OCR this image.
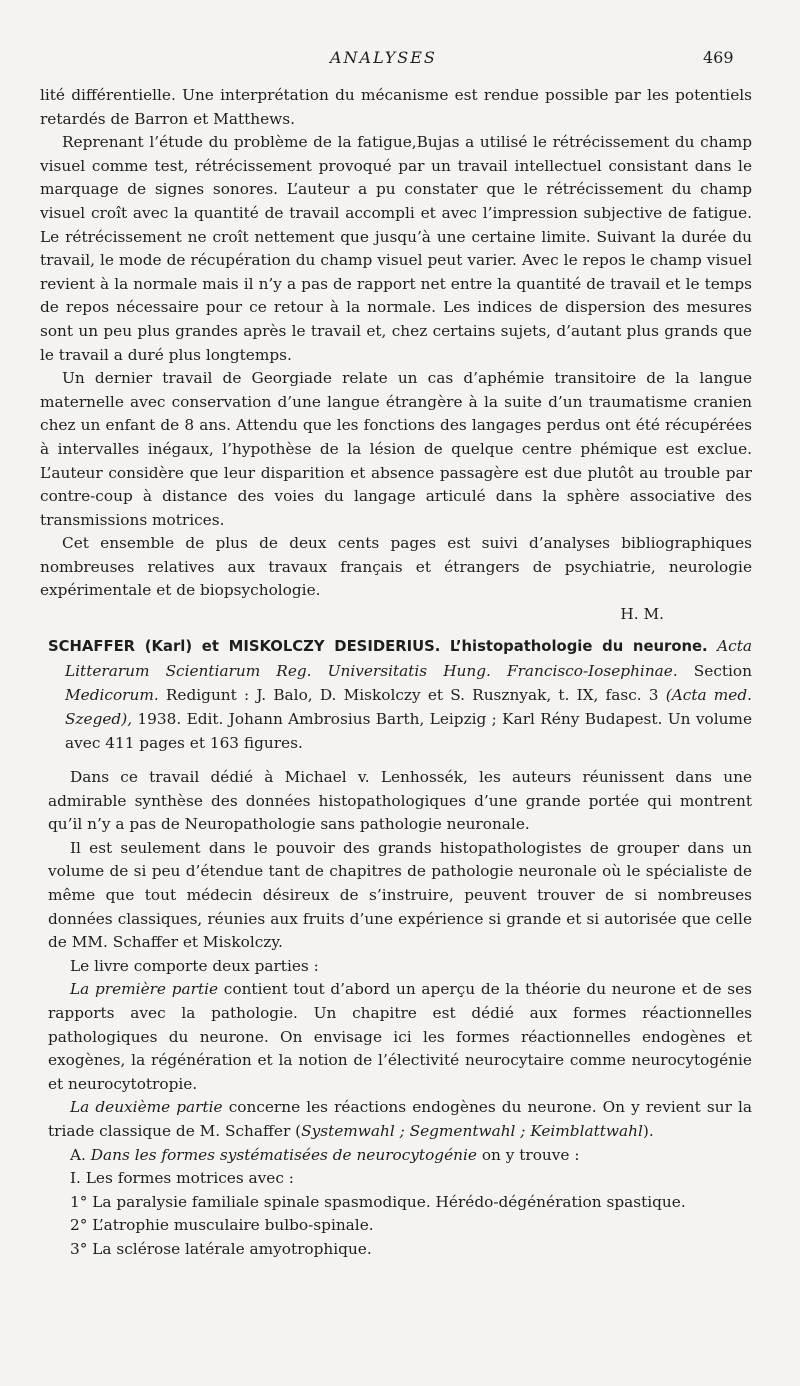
ANALYSES	469

lité différentielle. Une interprétation du mécanisme est rendue possible par les potentiels retardés de Barron et Matthews.

Reprenant l’étude du problème de la fatigue,Bujas a utilisé le rétrécissement du champ visuel comme test, rétrécissement provoqué par un travail intellectuel consistant dans le marquage de signes sonores. L’auteur a pu constater que le rétrécissement du champ visuel croît avec la quantité de travail accompli et avec l’impression subjective de fatigue. Le rétrécissement ne croît nettement que jusqu’à une certaine limite. Suivant la durée du travail, le mode de récupération du champ visuel peut varier. Avec le repos le champ visuel revient à la normale mais il n’y a pas de rapport net entre la quantité de travail et le temps de repos nécessaire pour ce retour à la normale. Les indices de dispersion des mesures sont un peu plus grandes après le travail et, chez certains sujets, d’autant plus grands que le travail a duré plus longtemps.

Un dernier travail de Georgiade relate un cas d’aphémie transitoire de la langue maternelle avec conservation d’une langue étrangère à la suite d’un traumatisme cranien chez un enfant de 8 ans. Attendu que les fonctions des langages perdus ont été récupérées à intervalles inégaux, l’hypothèse de la lésion de quelque centre phémique est exclue. L’auteur considère que leur disparition et absence passagère est due plutôt au trouble par contre-coup à distance des voies du langage articulé dans la sphère associative des transmissions motrices.

Cet ensemble de plus de deux cents pages est suivi d’analyses bibliographiques nombreuses relatives aux travaux français et étrangers de psychiatrie, neurologie expérimentale et de biopsychologie.

H. M.

SCHAFFER (Karl) et MISKOLCZY DESIDERIUS. L’histopathologie du neurone. Acta Litterarum Scientiarum Reg. Universitatis Hung. Francisco-Iosephinae. Section Medicorum. Redigunt : J. Balo, D. Miskolczy et S. Rusznyak, t. IX, fasc. 3 (Acta med. Szeged), 1938. Edit. Johann Ambrosius Barth, Leipzig ; Karl Rény Budapest. Un volume avec 411 pages et 163 figures.

Dans ce travail dédié à Michael v. Lenhossék, les auteurs réunissent dans une admirable synthèse des données histopathologiques d’une grande portée qui montrent qu’il n’y a pas de Neuropathologie sans pathologie neuronale.

Il est seulement dans le pouvoir des grands histopathologistes de grouper dans un volume de si peu d’étendue tant de chapitres de pathologie neuronale où le spécialiste de même que tout médecin désireux de s’instruire, peuvent trouver de si nombreuses données classiques, réunies aux fruits d’une expérience si grande et si autorisée que celle de MM. Schaffer et Miskolczy.

Le livre comporte deux parties :

La première partie contient tout d’abord un aperçu de la théorie du neurone et de ses rapports avec la pathologie. Un chapitre est dédié aux formes réactionnelles pathologiques du neurone. On envisage ici les formes réactionnelles endogènes et exogènes, la régénération et la notion de l’électivité neurocytaire comme neurocytogénie et neurocytotropie.

La deuxième partie concerne les réactions endogènes du neurone. On y revient sur la triade classique de M. Schaffer (Systemwahl ; Segmentwahl ; Keimblattwahl).

A. Dans les formes systématisées de neurocytogénie on y trouve :

I. Les formes motrices avec :

1° La paralysie familiale spinale spasmodique. Hérédo-dégénération spastique.

2° L’atrophie musculaire bulbo-spinale.

3° La sclérose latérale amyotrophique.
